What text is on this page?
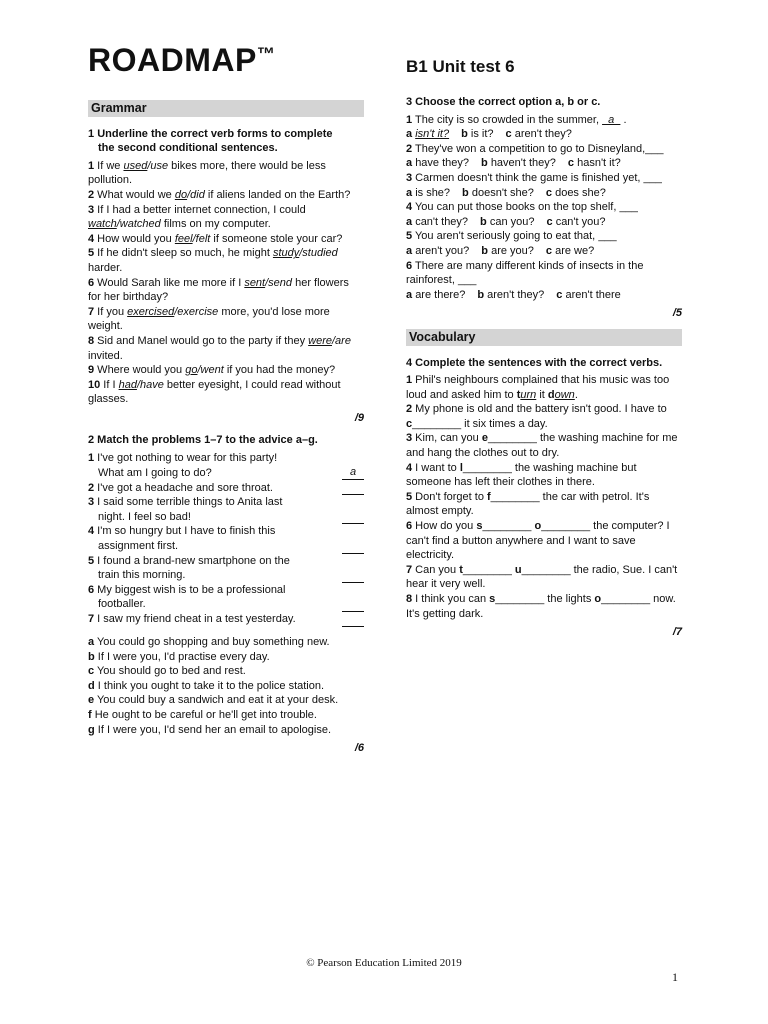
ROADMAP™
B1 Unit test 6
Grammar
1 Underline the correct verb forms to complete
the second conditional sentences.
1 If we used/use bikes more, there would be less pollution.
2 What would we do/did if aliens landed on the Earth?
3 If I had a better internet connection, I could watch/watched films on my computer.
4 How would you feel/felt if someone stole your car?
5 If he didn't sleep so much, he might study/studied harder.
6 Would Sarah like me more if I sent/send her flowers for her birthday?
7 If you exercised/exercise more, you'd lose more weight.
8 Sid and Manel would go to the party if they were/are invited.
9 Where would you go/went if you had the money?
10 If I had/have better eyesight, I could read without glasses.
/9
2 Match the problems 1–7 to the advice a–g.
1 I've got nothing to wear for this party!
What am I going to do?	a
2 I've got a headache and sore throat.
3 I said some terrible things to Anita last
night. I feel so bad!
4 I'm so hungry but I have to finish this
assignment first.
5 I found a brand-new smartphone on the
train this morning.
6 My biggest wish is to be a professional
footballer.
7 I saw my friend cheat in a test yesterday.
a You could go shopping and buy something new.
b If I were you, I'd practise every day.
c You should go to bed and rest.
d I think you ought to take it to the police station.
e You could buy a sandwich and eat it at your desk.
f He ought to be careful or he'll get into trouble.
g If I were you, I'd send her an email to apologise.
/6
3 Choose the correct option a, b or c.
1 The city is so crowded in the summer,   a   .
a isn't it? b is it? c aren't they?
2 They've won a competition to go to Disneyland,___
a have they? b haven't they? c hasn't it?
3 Carmen doesn't think the game is finished yet, ___
a is she? b doesn't she? c does she?
4 You can put those books on the top shelf, ___
a can't they? b can you? c can't you?
5 You aren't seriously going to eat that, ___
a aren't you? b are you? c are we?
6 There are many different kinds of insects in the rainforest, ___
a are there? b aren't they? c aren't there
/5
Vocabulary
4 Complete the sentences with the correct verbs.
1 Phil's neighbours complained that his music was too loud and asked him to turn it down.
2 My phone is old and the battery isn't good. I have to c________ it six times a day.
3 Kim, can you e________ the washing machine for me and hang the clothes out to dry.
4 I want to l________ the washing machine but someone has left their clothes in there.
5 Don't forget to f________ the car with petrol. It's almost empty.
6 How do you s________ o________ the computer? I can't find a button anywhere and I want to save electricity.
7 Can you t________ u________ the radio, Sue. I can't hear it very well.
8 I think you can s________ the lights o________ now. It's getting dark.
/7
© Pearson Education Limited 2019
1
